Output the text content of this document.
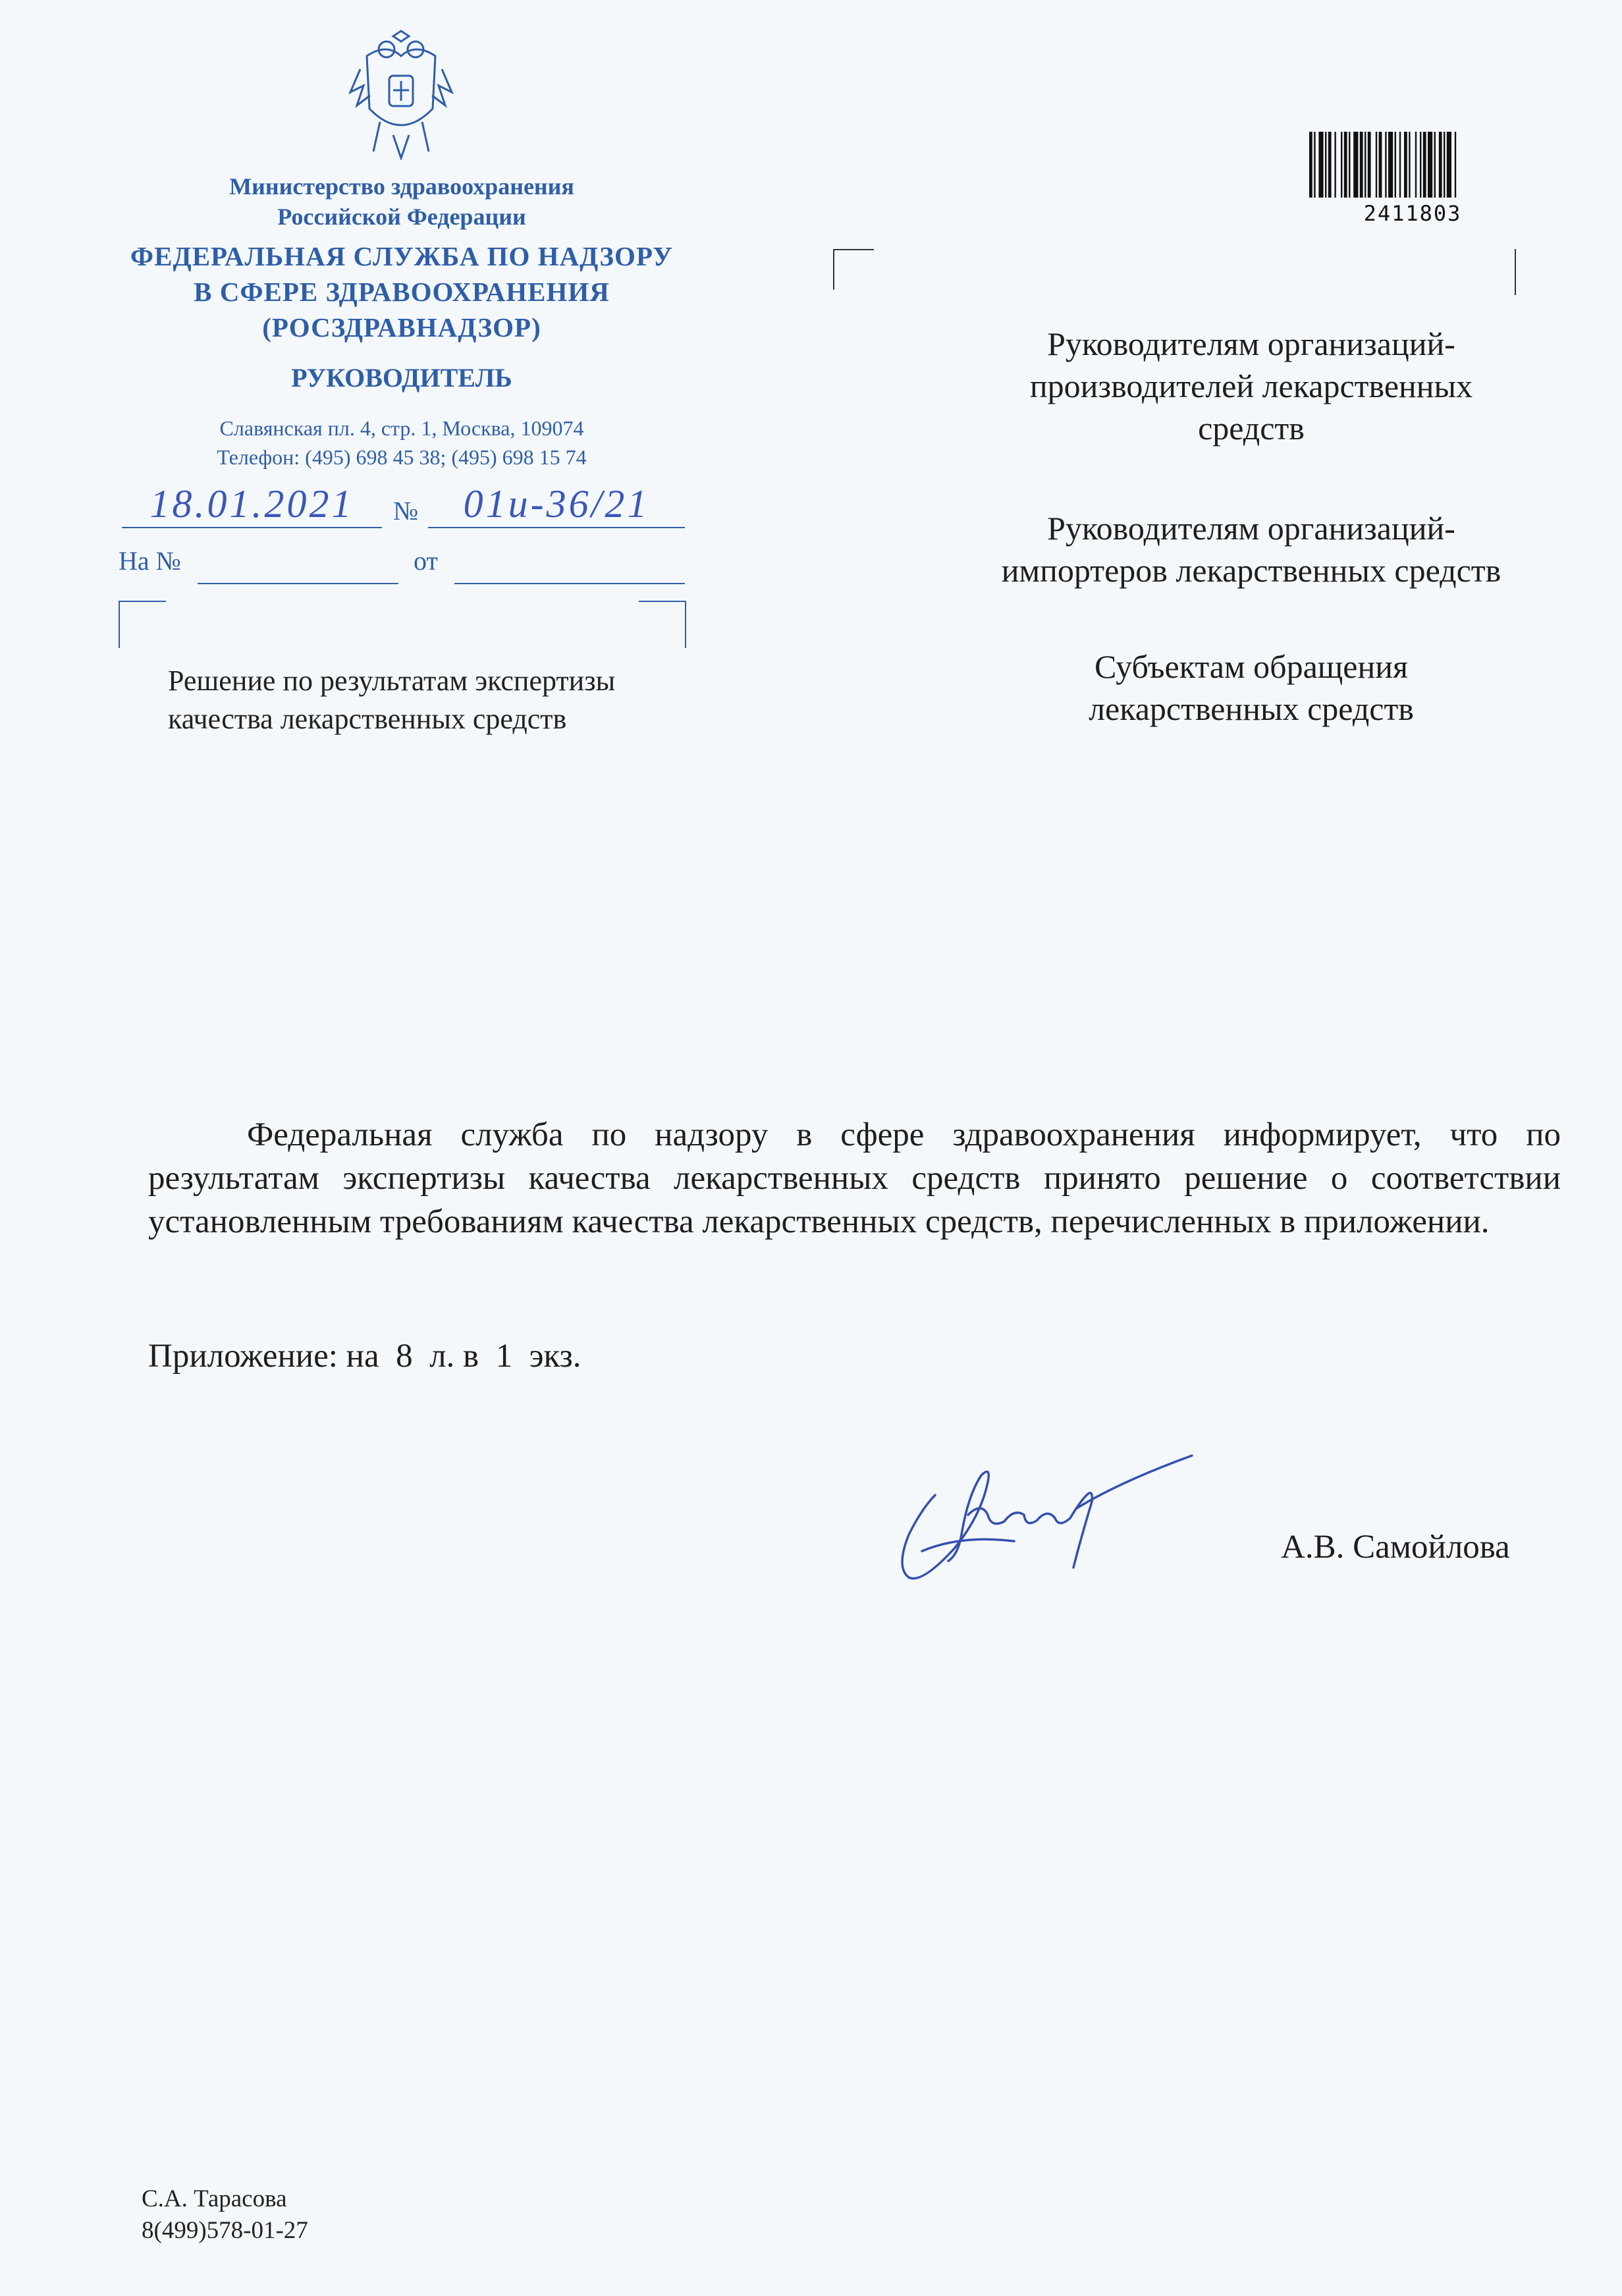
Министерство здравоохранения
Российской Федерации
ФЕДЕРАЛЬНАЯ СЛУЖБА ПО НАДЗОРУ
В СФЕРЕ ЗДРАВООХРАНЕНИЯ
(РОСЗДРАВНАДЗОР)
РУКОВОДИТЕЛЬ
Славянская пл. 4, стр. 1, Москва, 109074
Телефон: (495) 698 45 38; (495) 698 15 74
18.01.2021	№	01и-36/21
На №	от
Решение по результатам экспертизы
качества лекарственных средств
2411803
Руководителям организаций-
производителей лекарственных
средств
Руководителям организаций-
импортеров лекарственных средств
Субъектам обращения
лекарственных средств
Федеральная служба по надзору в сфере здравоохранения информирует, что по результатам экспертизы качества лекарственных средств принято решение о соответствии установленным требованиям качества лекарственных средств, перечисленных в приложении.
Приложение: на  8  л. в  1  экз.
А.В. Самойлова
С.А. Тарасова
8(499)578-01-27
